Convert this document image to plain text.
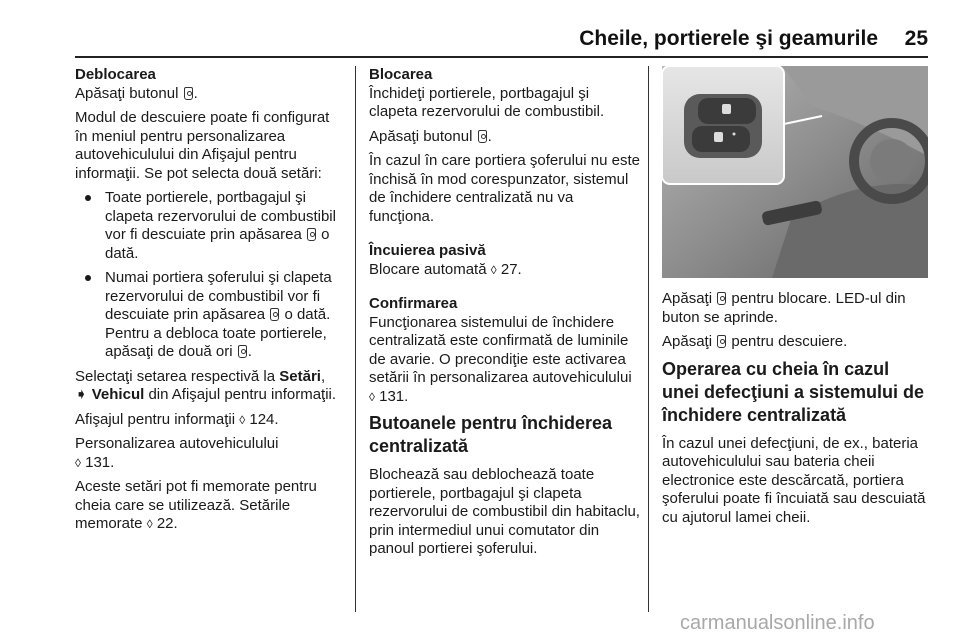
Cheile, portierele şi geamurile 25
Deblocarea

Apăsaţi butonul .

Modul de descuiere poate fi configurat în meniul pentru personalizarea autovehiculului din Afişajul pentru informaţii. Se pot selecta două setări:

Toate portierele, portbagajul şi clapeta rezervorului de combustibil vor fi descuiate prin apăsarea  o dată.
Numai portiera şoferului şi clapeta rezervorului de combustibil vor fi descuiate prin apăsarea  o dată. Pentru a debloca toate portierele, apăsaţi de două ori .

Selectaţi setarea respectivă la Setări,
➧ Vehicul din Afişajul pentru informaţii.

Afişajul pentru informaţii ◊ 124.

Personalizarea autovehiculului
◊ 131.

Aceste setări pot fi memorate pentru cheia care se utilizează. Setările memorate ◊ 22.

Blocarea

Închideţi portierele, portbagajul şi clapeta rezervorului de combustibil.

Apăsaţi butonul .

În cazul în care portiera şoferului nu este închisă în mod corespunzator, sistemul de închidere centralizată nu va funcţiona.

Încuierea pasivă

Blocare automată ◊ 27.

Confirmarea

Funcţionarea sistemului de închidere centralizată este confirmată de luminile de avarie. O precondiţie este activarea setării în personalizarea autovehiculului ◊ 131.

Butoanele pentru închiderea centralizată

Blochează sau deblochează toate portierele, portbagajul şi clapeta rezervorului de combustibil din habitaclu, prin intermediul unui comutator din panoul portierei şoferului.

Apăsaţi  pentru blocare. LED-ul din buton se aprinde.

Apăsaţi  pentru descuiere.

Operarea cu cheia în cazul unei defecţiuni a sistemului de închidere centralizată

În cazul unei defecţiuni, de ex., bateria autovehiculului sau bateria cheii electronice este descărcată, portiera şoferului poate fi încuiată sau descuiată cu ajutorul lamei cheii.

carmanualsonline.info
